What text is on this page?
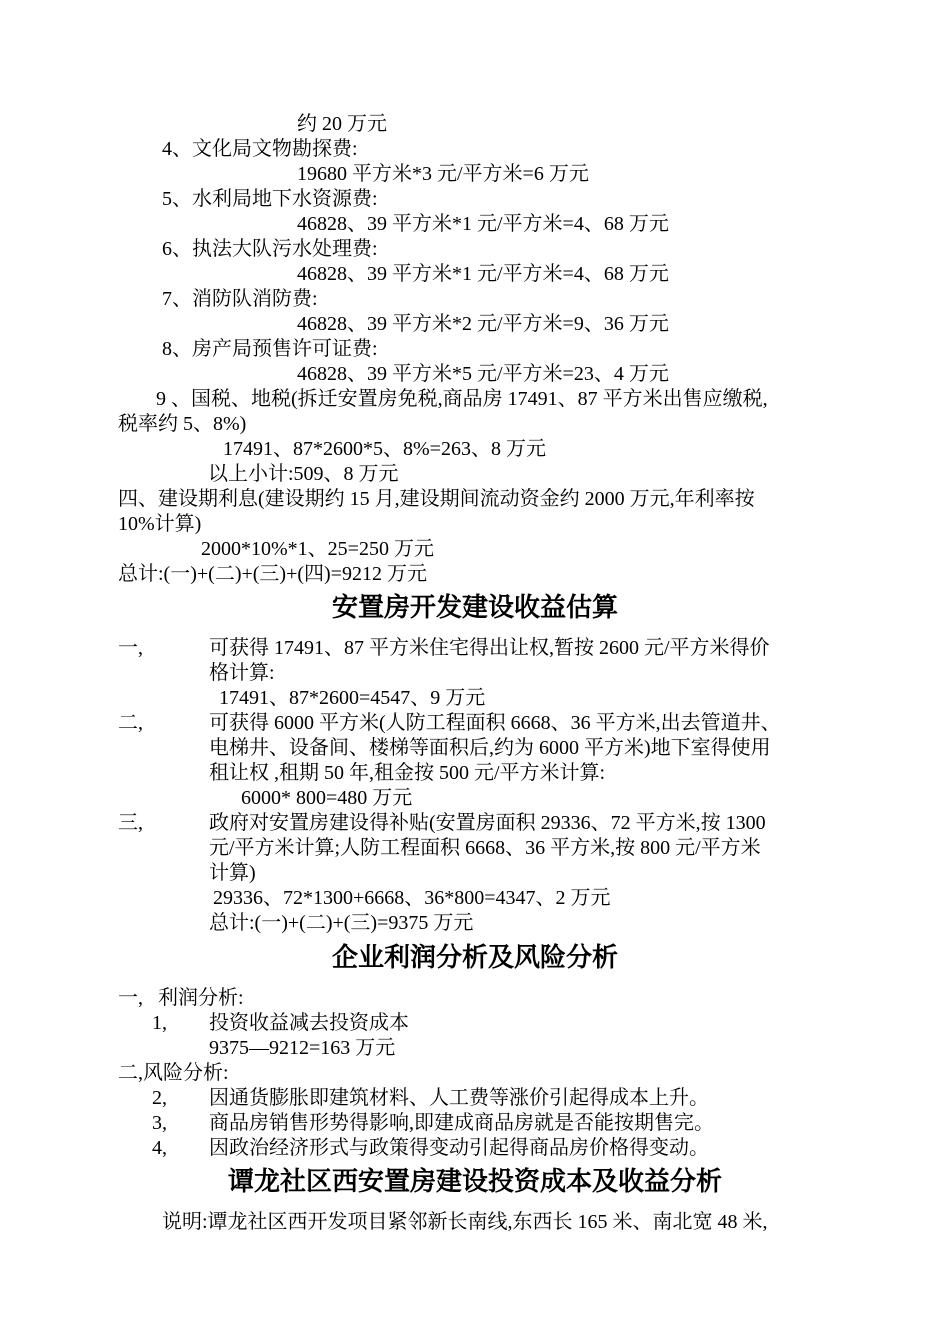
约 20 万元
4、文化局文物勘探费:
19680 平方米*3 元/平方米=6 万元
5、水利局地下水资源费:
46828、39 平方米*1 元/平方米=4、68 万元
6、执法大队污水处理费:
46828、39 平方米*1 元/平方米=4、68 万元
7、消防队消防费:
46828、39 平方米*2 元/平方米=9、36 万元
8、房产局预售许可证费:
46828、39 平方米*5 元/平方米=23、4 万元
9 、国税、地税(拆迁安置房免税,商品房 17491、87 平方米出售应缴税,
税率约 5、8%)
17491、87*2600*5、8%=263、8 万元
以上小计:509、8 万元
四、建设期利息(建设期约 15 月,建设期间流动资金约 2000 万元,年利率按
10%计算)
2000*10%*1、25=250 万元
总计:(一)+(二)+(三)+(四)=9212 万元
安置房开发建设收益估算
一,	可获得 17491、87 平方米住宅得出让权,暂按 2600 元/平方米得价
格计算:
17491、87*2600=4547、9 万元
二,	可获得 6000 平方米(人防工程面积 6668、36 平方米,出去管道井、
电梯井、设备间、楼梯等面积后,约为 6000 平方米)地下室得使用
租让权 ,租期 50 年,租金按 500 元/平方米计算:
6000* 800=480 万元
三,	政府对安置房建设得补贴(安置房面积 29336、72 平方米,按 1300
元/平方米计算;人防工程面积 6668、36 平方米,按 800 元/平方米
计算)
29336、72*1300+6668、36*800=4347、2 万元
总计:(一)+(二)+(三)=9375 万元
企业利润分析及风险分析
一,   利润分析:
1, 投资收益减去投资成本
9375—9212=163 万元
二,风险分析:
2, 因通货膨胀即建筑材料、人工费等涨价引起得成本上升。
3, 商品房销售形势得影响,即建成商品房就是否能按期售完。
4, 因政治经济形式与政策得变动引起得商品房价格得变动。
谭龙社区西安置房建设投资成本及收益分析
说明:谭龙社区西开发项目紧邻新长南线,东西长 165 米、南北宽 48 米,
